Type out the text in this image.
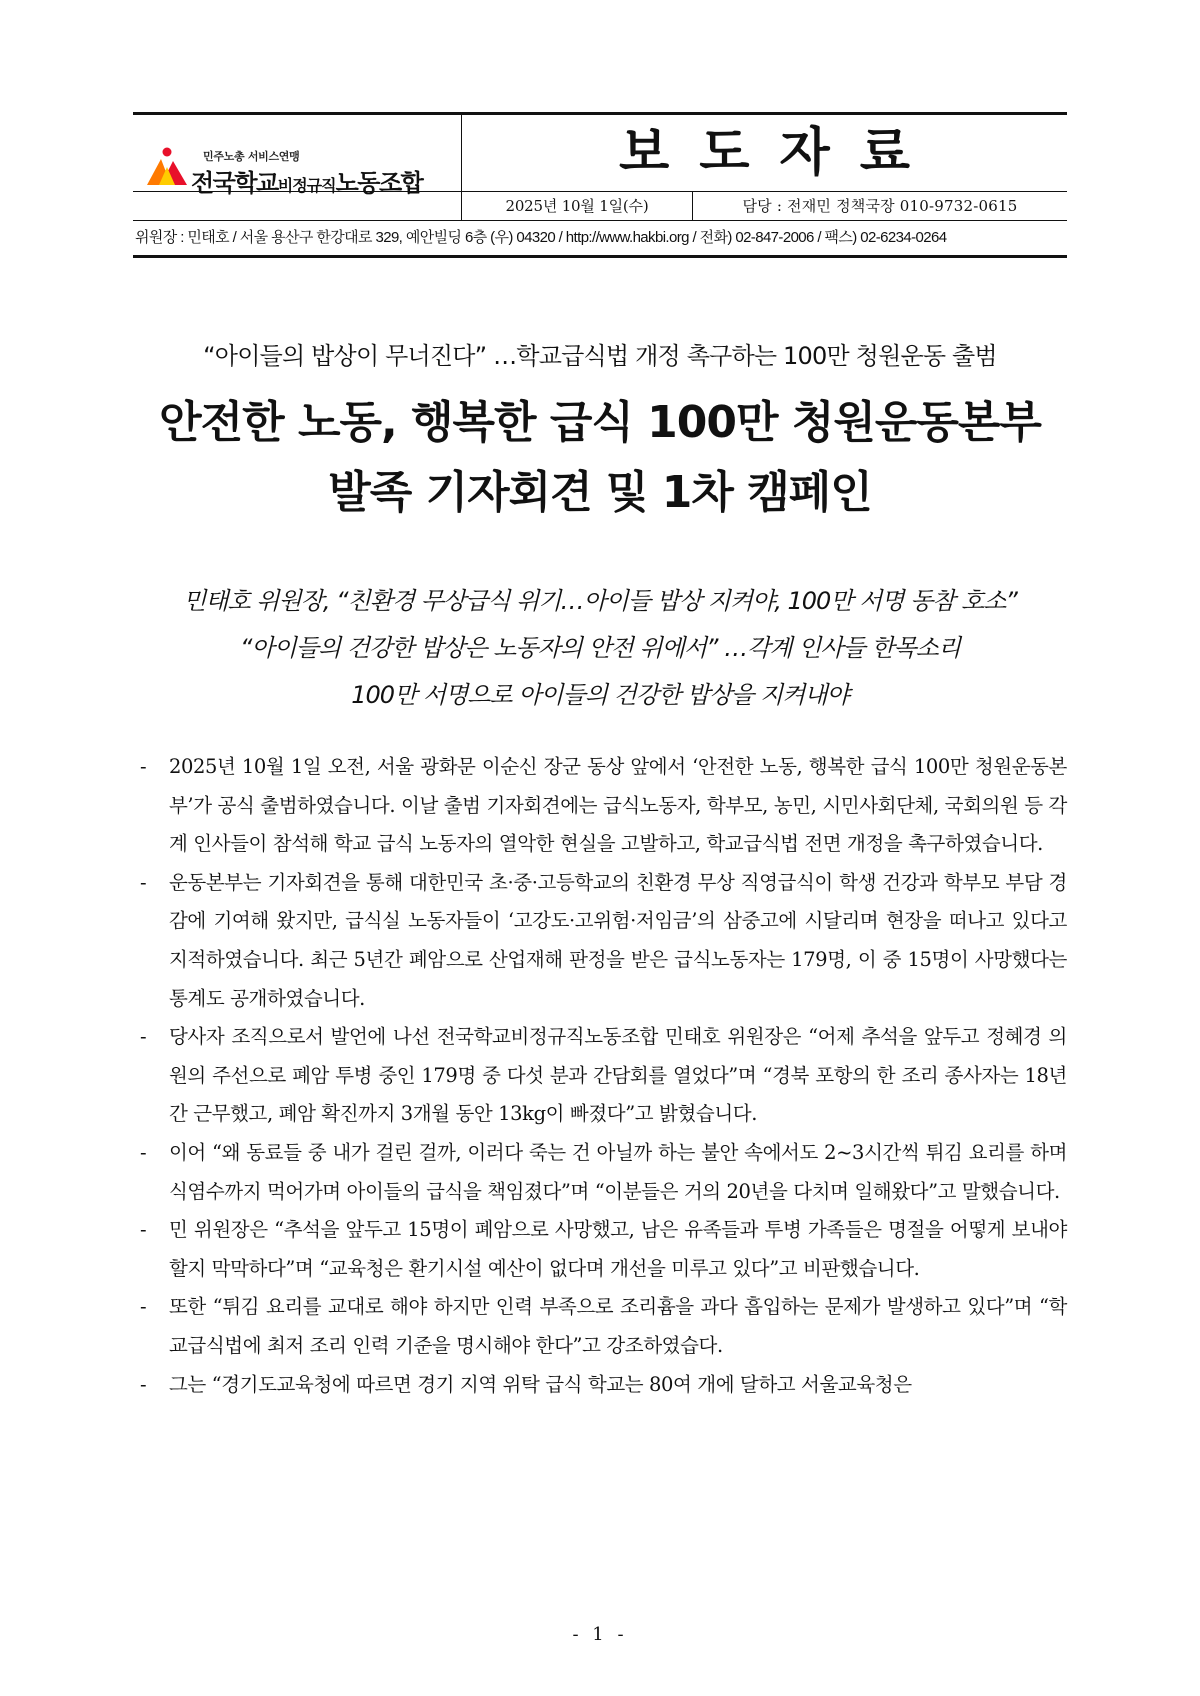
민주노총 서비스연맹
전국학교비정규직노동조합	보도자료
2025년 10월 1일(수)	담당 : 전재민 정책국장 010-9732-0615
위원장 : 민태호 / 서울 용산구 한강대로 329, 예안빌딩 6층 (우) 04320 / http://www.hakbi.org / 전화) 02-847-2006 / 팩스) 02-6234-0264
“아이들의 밥상이 무너진다” …학교급식법 개정 촉구하는 100만 청원운동 출범
안전한 노동, 행복한 급식 100만 청원운동본부
발족 기자회견 및 1차 캠페인
민태호 위원장, “친환경 무상급식 위기…아이들 밥상 지켜야, 100만 서명 동참 호소”
“아이들의 건강한 밥상은 노동자의 안전 위에서” …각계 인사들 한목소리
100만 서명으로 아이들의 건강한 밥상을 지켜내야
-	2025년 10월 1일 오전, 서울 광화문 이순신 장군 동상 앞에서 ‘안전한 노동, 행복한 급식 100만 청원운동본부’가 공식 출범하였습니다. 이날 출범 기자회견에는 급식노동자, 학부모, 농민, 시민사회단체, 국회의원 등 각계 인사들이 참석해 학교 급식 노동자의 열악한 현실을 고발하고, 학교급식법 전면 개정을 촉구하였습니다.
-	운동본부는 기자회견을 통해 대한민국 초·중·고등학교의 친환경 무상 직영급식이 학생 건강과 학부모 부담 경감에 기여해 왔지만, 급식실 노동자들이 ‘고강도·고위험·저임금’의 삼중고에 시달리며 현장을 떠나고 있다고 지적하였습니다. 최근 5년간 폐암으로 산업재해 판정을 받은 급식노동자는 179명, 이 중 15명이 사망했다는 통계도 공개하였습니다.
-	당사자 조직으로서 발언에 나선 전국학교비정규직노동조합 민태호 위원장은 “어제 추석을 앞두고 정혜경 의원의 주선으로 폐암 투병 중인 179명 중 다섯 분과 간담회를 열었다”며 “경북 포항의 한 조리 종사자는 18년간 근무했고, 폐암 확진까지 3개월 동안 13kg이 빠졌다”고 밝혔습니다.
-	이어 “왜 동료들 중 내가 걸린 걸까, 이러다 죽는 건 아닐까 하는 불안 속에서도 2~3시간씩 튀김 요리를 하며 식염수까지 먹어가며 아이들의 급식을 책임졌다”며 “이분들은 거의 20년을 다치며 일해왔다”고 말했습니다.
-	민 위원장은 “추석을 앞두고 15명이 폐암으로 사망했고, 남은 유족들과 투병 가족들은 명절을 어떻게 보내야 할지 막막하다”며 “교육청은 환기시설 예산이 없다며 개선을 미루고 있다”고 비판했습니다.
-	또한 “튀김 요리를 교대로 해야 하지만 인력 부족으로 조리흄을 과다 흡입하는 문제가 발생하고 있다”며 “학교급식법에 최저 조리 인력 기준을 명시해야 한다”고 강조하였습다.
-	그는 “경기도교육청에 따르면 경기 지역 위탁 급식 학교는 80여 개에 달하고 서울교육청은
- 1 -
